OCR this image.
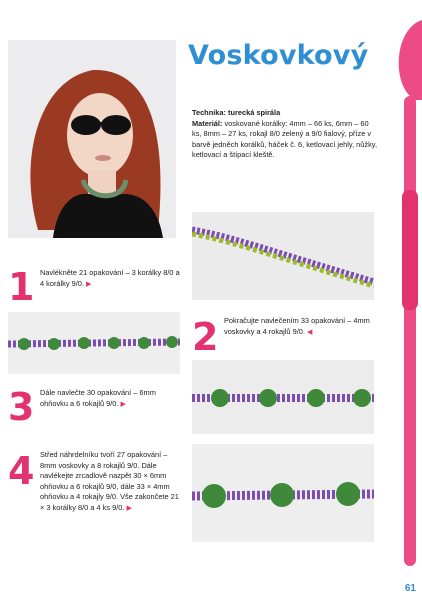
Voskovkový
Technika: turecká spirála
Materiál: voskované korálky: 4mm – 66 ks, 6mm – 60 ks, 8mm – 27 ks, rokajl 8/0 zelený a 9/0 fialový, příze v barvě jedněch korálků, háček č. 6, ketlovací jehly, nůžky, ketlovací a štípací kleště.
1 Navlékněte 21 opakování – 3 korálky 8/0 a 4 korálky 9/0. ▶
2 Pokračujte navlečením 33 opakování – 4mm voskovky a 4 rokajlů 9/0. ◀
3 Dále navlečte 30 opakování – 6mm ohňovku a 6 rokajlů 9/0. ▶
4 Střed náhrdelníku tvoří 27 opakování – 8mm voskovky a 8 rokajlů 9/0. Dále navlékejte zrcadlově nazpět 30 × 6mm ohňovku a 6 rokajlů 9/0, dále 33 × 4mm ohňovku a 4 rokajly 9/0. Vše zakončete 21 × 3 korálky 8/0 a 4 ks 9/0. ▶
61
